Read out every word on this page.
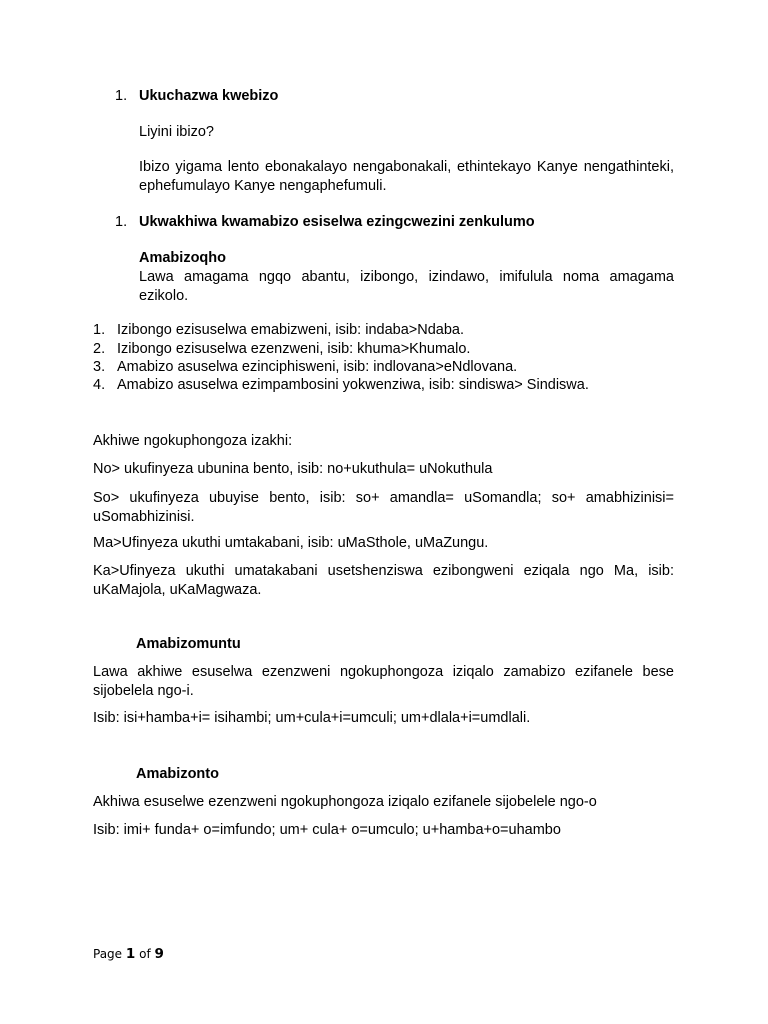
1. Ukuchazwa kwebizo

Liyini ibizo?

Ibizo yigama lento ebonakalayo nengabonakali, ethintekayo Kanye nengathinteki, ephefumulayo Kanye nengaphefumuli.

1. Ukwakhiwa kwamabizo esiselwa ezingcwezini zenkulumo
Amabizoqho

Lawa amagama ngqo abantu, izibongo, izindawo, imifulula noma amagama ezikolo.

1. Izibongo ezisuselwa emabizweni, isib: indaba>Ndaba.
2. Izibongo ezisuselwa ezenzweni, isib: khuma>Khumalo.
3. Amabizo asuselwa ezinciphisweni, isib: indlovana>eNdlovana.
4. Amabizo asuselwa ezimpambosini yokwenziwa, isib: sindiswa> Sindiswa.

Akhiwe ngokuphongoza izakhi:

No> ukufinyeza ubunina bento, isib: no+ukuthula= uNokuthula

So> ukufinyeza ubuyise bento, isib: so+ amandla= uSomandla; so+ amabhizinisi= uSomabhizinisi.

Ma>Ufinyeza ukuthi umtakabani, isib: uMaSthole, uMaZungu.

Ka>Ufinyeza ukuthi umatakabani usetshenziswa ezibongweni eziqala ngo Ma, isib: uKaMajola, uKaMagwaza.

Amabizomuntu

Lawa akhiwe esuselwa ezenzweni ngokuphongoza iziqalo zamabizo ezifanele bese sijobelela ngo-i.

Isib: isi+hamba+i= isihambi; um+cula+i=umculi; um+dlala+i=umdlali.

Amabizonto

Akhiwa esuselwe ezenzweni ngokuphongoza iziqalo ezifanele sijobelele ngo-o

Isib: imi+ funda+ o=imfundo; um+ cula+ o=umculo; u+hamba+o=uhambo

Page 1 of 9
